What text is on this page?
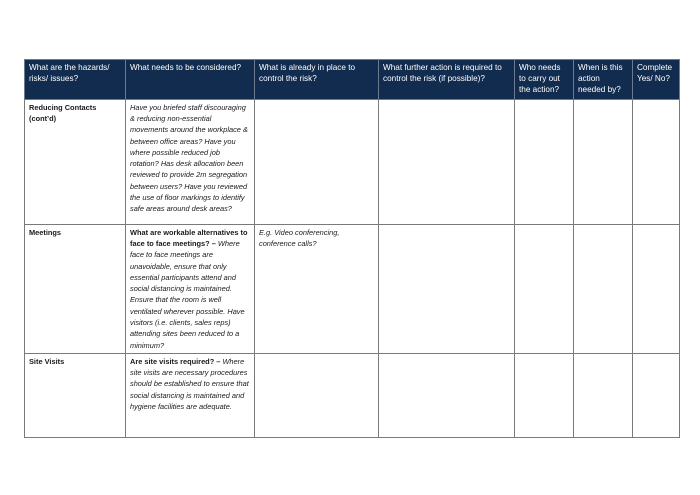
What are the hazards/ risks/ issues?	What needs to be considered?	What is already in place to control the risk?	What further action is required to control the risk (if possible)?	Who needs to carry out the action?	When is this action needed by?	Complete Yes/ No?
Reducing Contacts (cont’d)	Have you briefed staff discouraging & reducing non-essential movements around the workplace & between office areas? Have you where possible reduced job rotation? Has desk allocation been reviewed to provide 2m segregation between users? Have you reviewed the use of floor markings to identify safe areas around desk areas?					
Meetings	What are workable alternatives to face to face meetings? – Where face to face meetings are unavoidable, ensure that only essential participants attend and social distancing is maintained. Ensure that the room is well ventilated wherever possible. Have visitors (i.e. clients, sales reps) attending sites been reduced to a minimum?	E.g. Video conferencing, conference calls?				
Site Visits	Are site visits required? – Where site visits are necessary procedures should be established to ensure that social distancing is maintained and hygiene facilities are adequate.					
